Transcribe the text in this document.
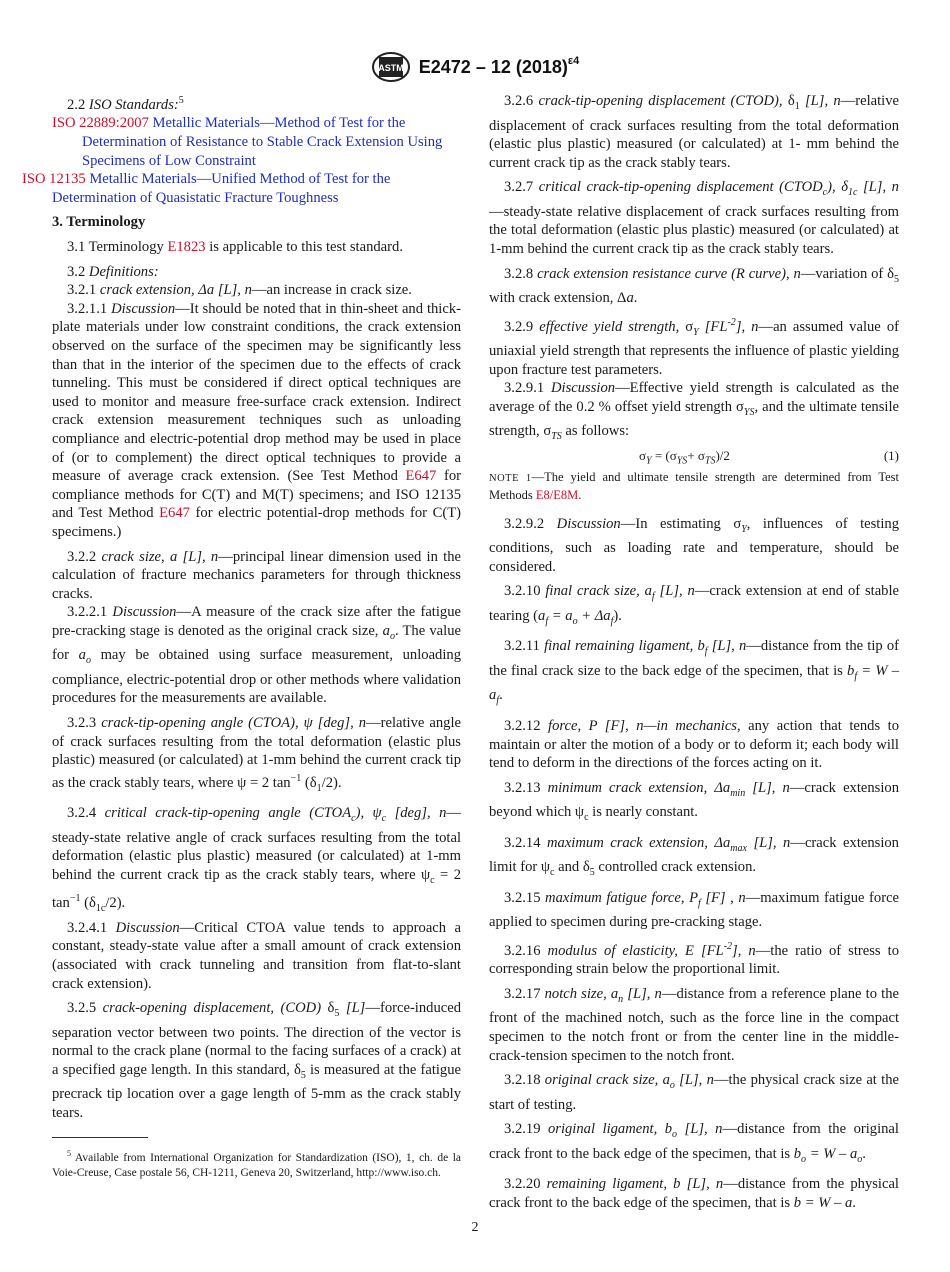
ASTM E2472 – 12 $(2018)^{\varepsilon 4}$

2.2 ISO Standards:$^5$

ISO 22889:2007 Metallic Materials—Method of Test for the Determination of Resistance to Stable Crack Extension Using Specimens of Low Constraint
ISO 12135 Metallic Materials—Unified Method of Test for the Determination of Quasistatic Fracture Toughness

3. Terminology

3.1 Terminology E1823 is applicable to this test standard.

3.2 Definitions:

3.2.1 crack extension, Δa [L], n—an increase in crack size.

3.2.1.1 Discussion—It should be noted that in thin-sheet and thick-plate materials under low constraint conditions, the crack extension observed on the surface of the specimen may be significantly less than that in the interior of the specimen due to the effects of crack tunneling. This must be considered if direct optical techniques are used to monitor and measure free-surface crack extension. Indirect crack extension measurement techniques such as unloading compliance and electric-potential drop method may be used in place of (or to complement) the direct optical techniques to provide a measure of average crack extension. (See Test Method E647 for compliance methods for C(T) and M(T) specimens; and ISO 12135 and Test Method E647 for electric potential-drop methods for C(T) specimens.)

3.2.2 crack size, a [L], n—principal linear dimension used in the calculation of fracture mechanics parameters for through thickness cracks.

3.2.2.1 Discussion—A measure of the crack size after the fatigue pre-cracking stage is denoted as the original crack size, $a_o$. The value for $a_o$ may be obtained using surface measurement, unloading compliance, electric-potential drop or other methods where validation procedures for the measurements are available.

3.2.3 crack-tip-opening angle (CTOA), ψ [deg], n—relative angle of crack surfaces resulting from the total deformation (elastic plus plastic) measured (or calculated) at 1-mm behind the current crack tip as the crack stably tears, where ψ = 2 $\tan^{-1} (\delta_1/2)$.

3.2.4 critical crack-tip-opening angle $(CTOA_c)$, $\psi_c$ [deg], n—steady-state relative angle of crack surfaces resulting from the total deformation (elastic plus plastic) measured (or calculated) at 1-mm behind the current crack tip as the crack stably tears, where $\psi_c = 2$ $\tan^{-1} (\delta_{1c}/2)$.

3.2.4.1 Discussion—Critical CTOA value tends to approach a constant, steady-state value after a small amount of crack extension (associated with crack tunneling and transition from flat-to-slant crack extension).

3.2.5 crack-opening displacement, (COD) $\delta_5$ [L]—force-induced separation vector between two points. The direction of the vector is normal to the crack plane (normal to the facing surfaces of a crack) at a specified gage length. In this standard, $\delta_5$ is measured at the fatigue precrack tip location over a gage length of 5-mm as the crack stably tears.

$^5$ Available from International Organization for Standardization (ISO), 1, ch. de la Voie-Creuse, Case postale 56, CH-1211, Geneva 20, Switzerland, http://www.iso.ch.

3.2.6 crack-tip-opening displacement (CTOD), $\delta_1$ [L], n—relative displacement of crack surfaces resulting from the total deformation (elastic plus plastic) measured (or calculated) at 1- mm behind the current crack tip as the crack stably tears.

3.2.7 critical crack-tip-opening displacement $(CTOD_c)$, $\delta_{1c}$ [L], n—steady-state relative displacement of crack surfaces resulting from the total deformation (elastic plus plastic) measured (or calculated) at 1-mm behind the current crack tip as the crack stably tears.

3.2.8 crack extension resistance curve (R curve), n—variation of $\delta_5$ with crack extension, Δa.

3.2.9 effective yield strength, $\sigma_Y$ $[FL^{-2}]$, n—an assumed value of uniaxial yield strength that represents the influence of plastic yielding upon fracture test parameters.

3.2.9.1 Discussion—Effective yield strength is calculated as the average of the 0.2 % offset yield strength $\sigma_{YS}$, and the ultimate tensile strength, $\sigma_{TS}$ as follows:

$\sigma_Y = (\sigma_{YS}+ \sigma_{TS})/2$	(1)

NOTE 1—The yield and ultimate tensile strength are determined from Test Methods E8/E8M.

3.2.9.2 Discussion—In estimating $\sigma_Y$, influences of testing conditions, such as loading rate and temperature, should be considered.

3.2.10 final crack size, $a_f$ [L], n—crack extension at end of stable tearing $(a_f = a_o + \Delta a_f)$.

3.2.11 final remaining ligament, $b_f$ [L], n—distance from the tip of the final crack size to the back edge of the specimen, that is $b_f = W - a_f$.

3.2.12 force, P [F], n—in mechanics, any action that tends to maintain or alter the motion of a body or to deform it; each body will tend to deform in the directions of the forces acting on it.

3.2.13 minimum crack extension, $\Delta a_{min}$ [L], n—crack extension beyond which $\psi_c$ is nearly constant.

3.2.14 maximum crack extension, $\Delta a_{max}$ [L], n—crack extension limit for $\psi_c$ and $\delta_5$ controlled crack extension.

3.2.15 maximum fatigue force, $P_f$ [F] , n—maximum fatigue force applied to specimen during pre-cracking stage.

3.2.16 modulus of elasticity, E $[FL^{-2}]$, n—the ratio of stress to corresponding strain below the proportional limit.

3.2.17 notch size, $a_n$ [L], n—distance from a reference plane to the front of the machined notch, such as the force line in the compact specimen to the notch front or from the center line in the middle-crack-tension specimen to the notch front.

3.2.18 original crack size, $a_o$ [L], n—the physical crack size at the start of testing.

3.2.19 original ligament, $b_o$ [L], n—distance from the original crack front to the back edge of the specimen, that is $b_o = W - a_o$.

3.2.20 remaining ligament, b [L], n—distance from the physical crack front to the back edge of the specimen, that is b = W – a.

2
